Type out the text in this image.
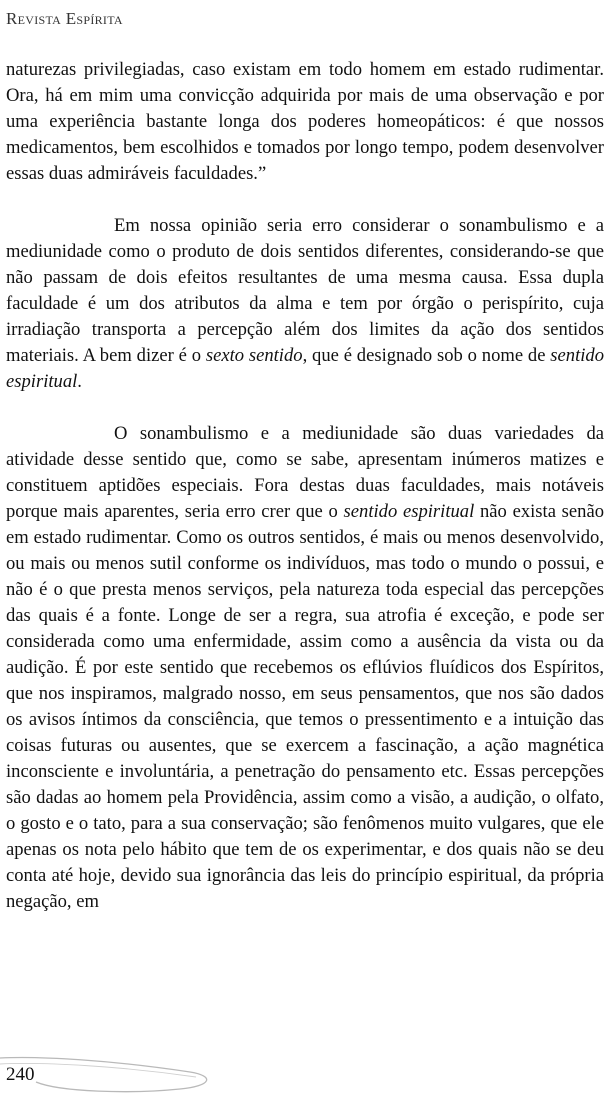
Revista Espírita

naturezas privilegiadas, caso existam em todo homem em estado rudimentar. Ora, há em mim uma convicção adquirida por mais de uma observação e por uma experiência bastante longa dos poderes homeopáticos: é que nossos medicamentos, bem escolhidos e tomados por longo tempo, podem desenvolver essas duas admiráveis faculdades.”

Em nossa opinião seria erro considerar o sonambulismo e a mediunidade como o produto de dois sentidos diferentes, considerando-se que não passam de dois efeitos resultantes de uma mesma causa. Essa dupla faculdade é um dos atributos da alma e tem por órgão o perispírito, cuja irradiação transporta a percepção além dos limites da ação dos sentidos materiais. A bem dizer é o sexto sentido, que é designado sob o nome de sentido espiritual.

O sonambulismo e a mediunidade são duas variedades da atividade desse sentido que, como se sabe, apresentam inúmeros matizes e constituem aptidões especiais. Fora destas duas faculdades, mais notáveis porque mais aparentes, seria erro crer que o sentido espiritual não exista senão em estado rudimentar. Como os outros sentidos, é mais ou menos desenvolvido, ou mais ou menos sutil conforme os indivíduos, mas todo o mundo o possui, e não é o que presta menos serviços, pela natureza toda especial das percepções das quais é a fonte. Longe de ser a regra, sua atrofia é exceção, e pode ser considerada como uma enfermidade, assim como a ausência da vista ou da audição. É por este sentido que recebemos os eflúvios fluídicos dos Espíritos, que nos inspiramos, malgrado nosso, em seus pensamentos, que nos são dados os avisos íntimos da consciência, que temos o pressentimento e a intuição das coisas futuras ou ausentes, que se exercem a fascinação, a ação magnética inconsciente e involuntária, a penetração do pensamento etc. Essas percepções são dadas ao homem pela Providência, assim como a visão, a audição, o olfato, o gosto e o tato, para a sua conservação; são fenômenos muito vulgares, que ele apenas os nota pelo hábito que tem de os experimentar, e dos quais não se deu conta até hoje, devido sua ignorância das leis do princípio espiritual, da própria negação, em

240
